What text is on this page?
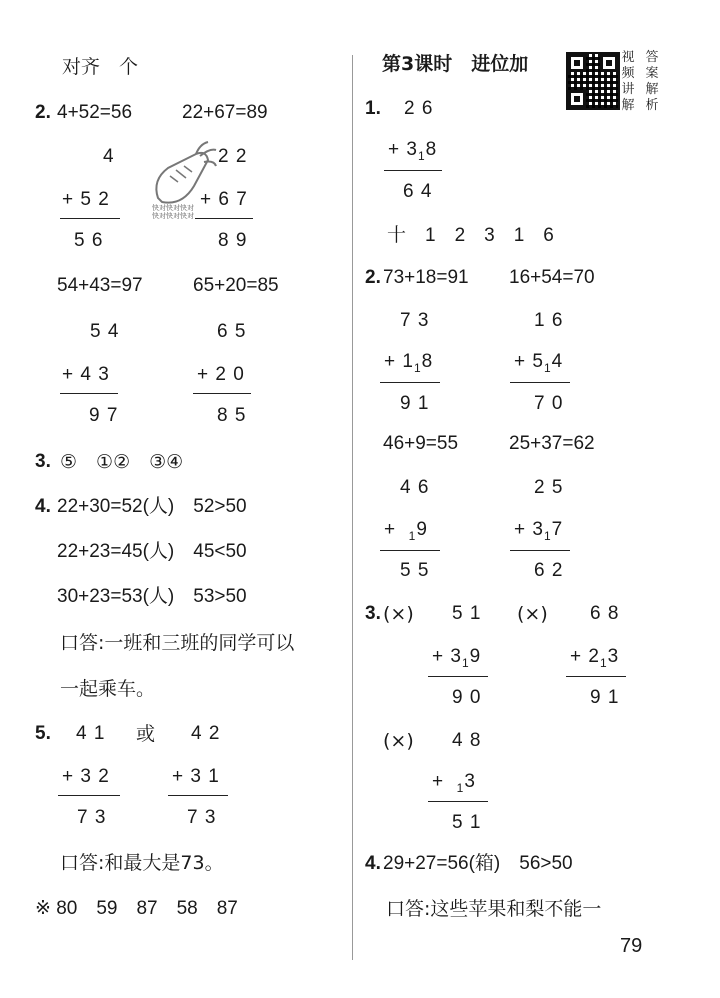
对齐　个
2. 4+52=56	22+67=89
4
+ 5 2
5 6
2 2
+ 6 7
8 9
快对快对快对
快对快对快对
54+43=97	65+20=85
5 4
+ 4 3
9 7
6 5
+ 2 0
8 5
3. ⑤　①②　③④
4. 22+30=52(人)　52>50
22+23=45(人)　45<50
30+23=53(人)　53>50
口答:一班和三班的同学可以
一起乘车。
5. 4 1 或 4 2
+ 3 2	+ 3 1
7 3	7 3
口答:和最大是73。
※ 80　59　87　58　87
第3课时　进位加	视频讲解
答案解析
1. 2 6
+ $3_18$
6 4
十　1　2　3　1　6
2. 73+18=91 16+54=70
7 3
+ $1_18$
9 1
1 6
+ $5_14$
7 0
46+9=55	25+37=62
4 6
+ $_1$9
5 5
2 5
+ $3_17$
6 2
3. (×) 5 1 (×) 6 8
+ $3_19$	+ $2_13$
9 0	9 1
(×) 4 8
+ $_1$3
5 1
4. 29+27=56(箱)　56>50
口答:这些苹果和梨不能一
79
